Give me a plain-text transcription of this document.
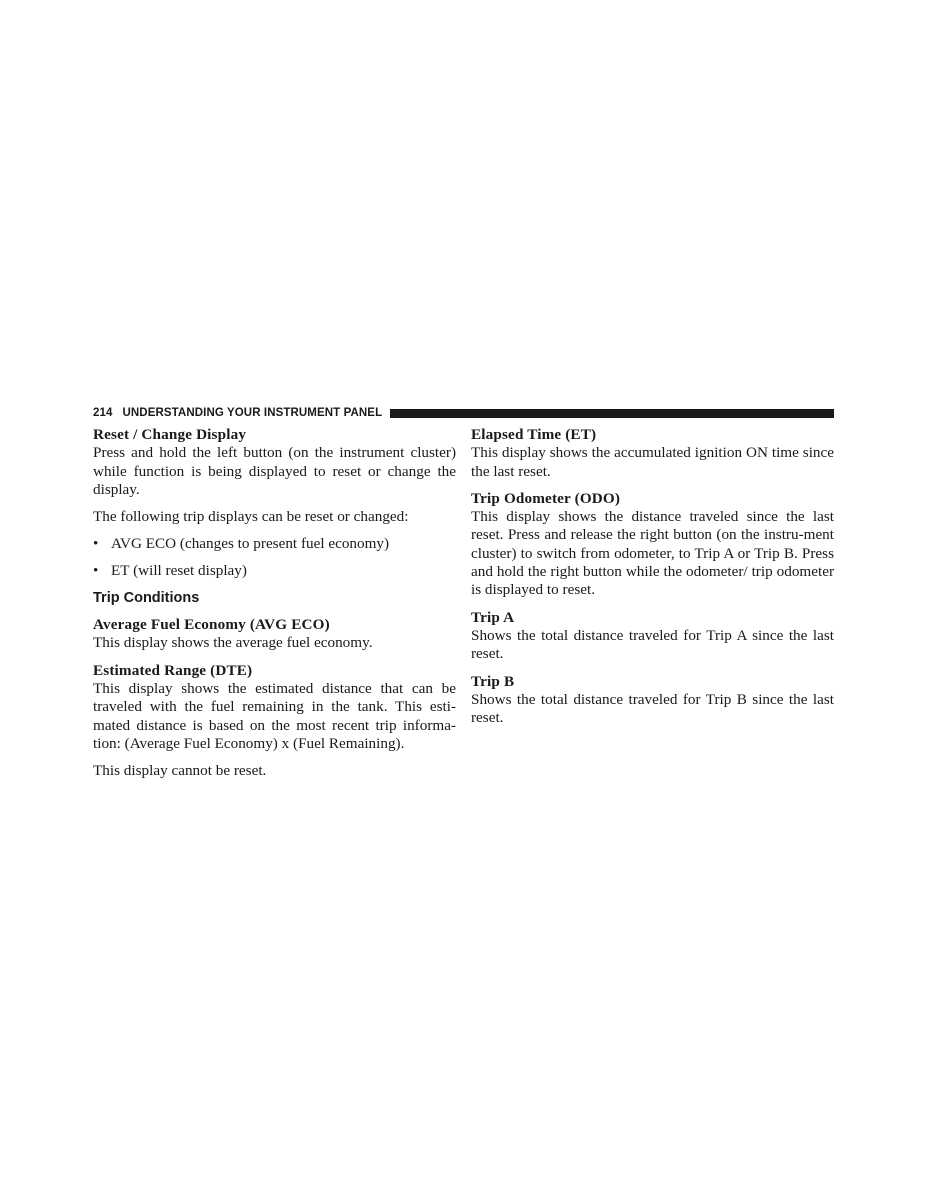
214 UNDERSTANDING YOUR INSTRUMENT PANEL
Reset / Change Display

Press and hold the left button (on the instrument cluster) while function is being displayed to reset or change the display.

The following trip displays can be reset or changed:

• AVG ECO (changes to present fuel economy)
• ET (will reset display)
Trip Conditions
Average Fuel Economy (AVG ECO)

This display shows the average fuel economy.

Estimated Range (DTE)

This display shows the estimated distance that can be traveled with the fuel remaining in the tank. This esti-mated distance is based on the most recent trip informa-tion: (Average Fuel Economy) x (Fuel Remaining).

This display cannot be reset.

Elapsed Time (ET)

This display shows the accumulated ignition ON time since the last reset.

Trip Odometer (ODO)

This display shows the distance traveled since the last reset. Press and release the right button (on the instru-ment cluster) to switch from odometer, to Trip A or Trip B. Press and hold the right button while the odometer/ trip odometer is displayed to reset.

Trip A

Shows the total distance traveled for Trip A since the last reset.

Trip B

Shows the total distance traveled for Trip B since the last reset.
